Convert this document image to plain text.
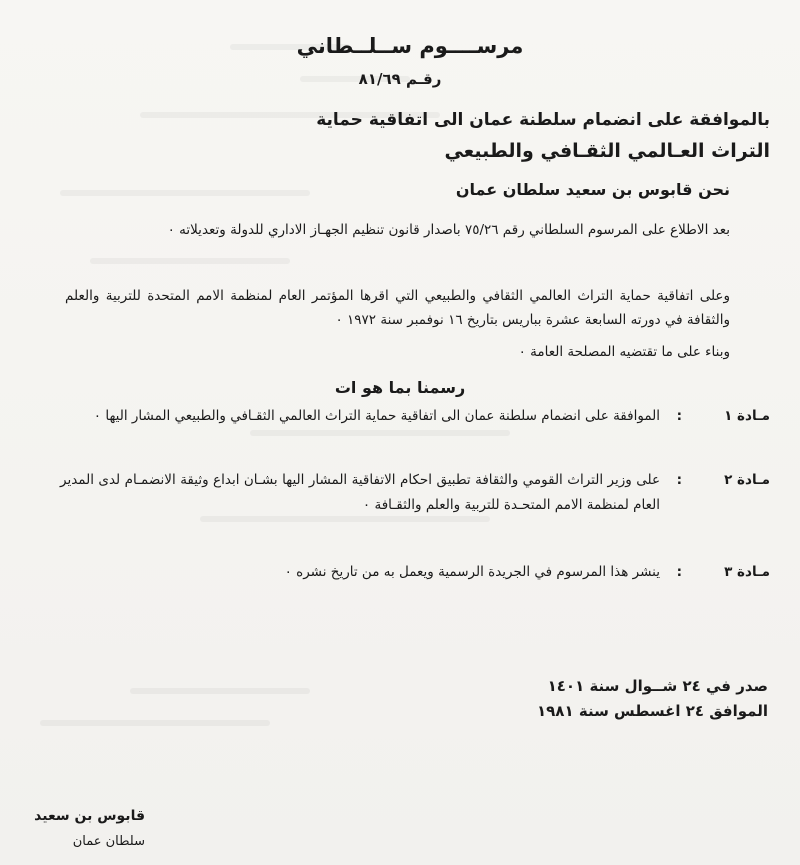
مرســــوم ســلــطاني
رقـم ٨١/٦٩
بالموافقة على انضمام سلطنة عمان الى اتفاقية حماية
التراث العـالمي الثقـافي والطبيعي
نحن قابوس بن سعيد سلطان عمان
بعد الاطلاع على المرسوم السلطاني رقم ٧٥/٢٦ باصدار قانون تنظيم الجهـاز الاداري للدولة وتعديلاته ٠
وعلى اتفاقية حماية التراث العالمي الثقافي والطبيعي التي اقرها المؤتمر العام لمنظمة الامم المتحدة للتربية والعلم والثقافة في دورته السابعة عشرة بباريس بتاريخ ١٦ نوفمبر سنة ١٩٧٢ ٠
وبناء على ما تقتضيه المصلحة العامة ٠
رسمنا بما هو ات
مـادة ١
:
الموافقة على انضمام سلطنة عمان الى اتفاقية حماية التراث العالمي الثقـافي والطبيعي المشار اليها ٠
مـادة ٢
:
على وزير التراث القومي والثقافة تطبيق احكام الاتفاقية المشار اليها بشـان ابداع وثيقة الانضمـام لدى المدير العام لمنظمة الامم المتحـدة للتربية والعلم والثقـافة ٠
مـادة ٣
:
ينشر هذا المرسوم في الجريدة الرسمية ويعمل به من تاريخ نشره ٠
صدر في ٢٤ شــوال سنة ١٤٠١
الموافق ٢٤ اغسطس سنة ١٩٨١
قابوس بن سعيد
سلطان عمان
